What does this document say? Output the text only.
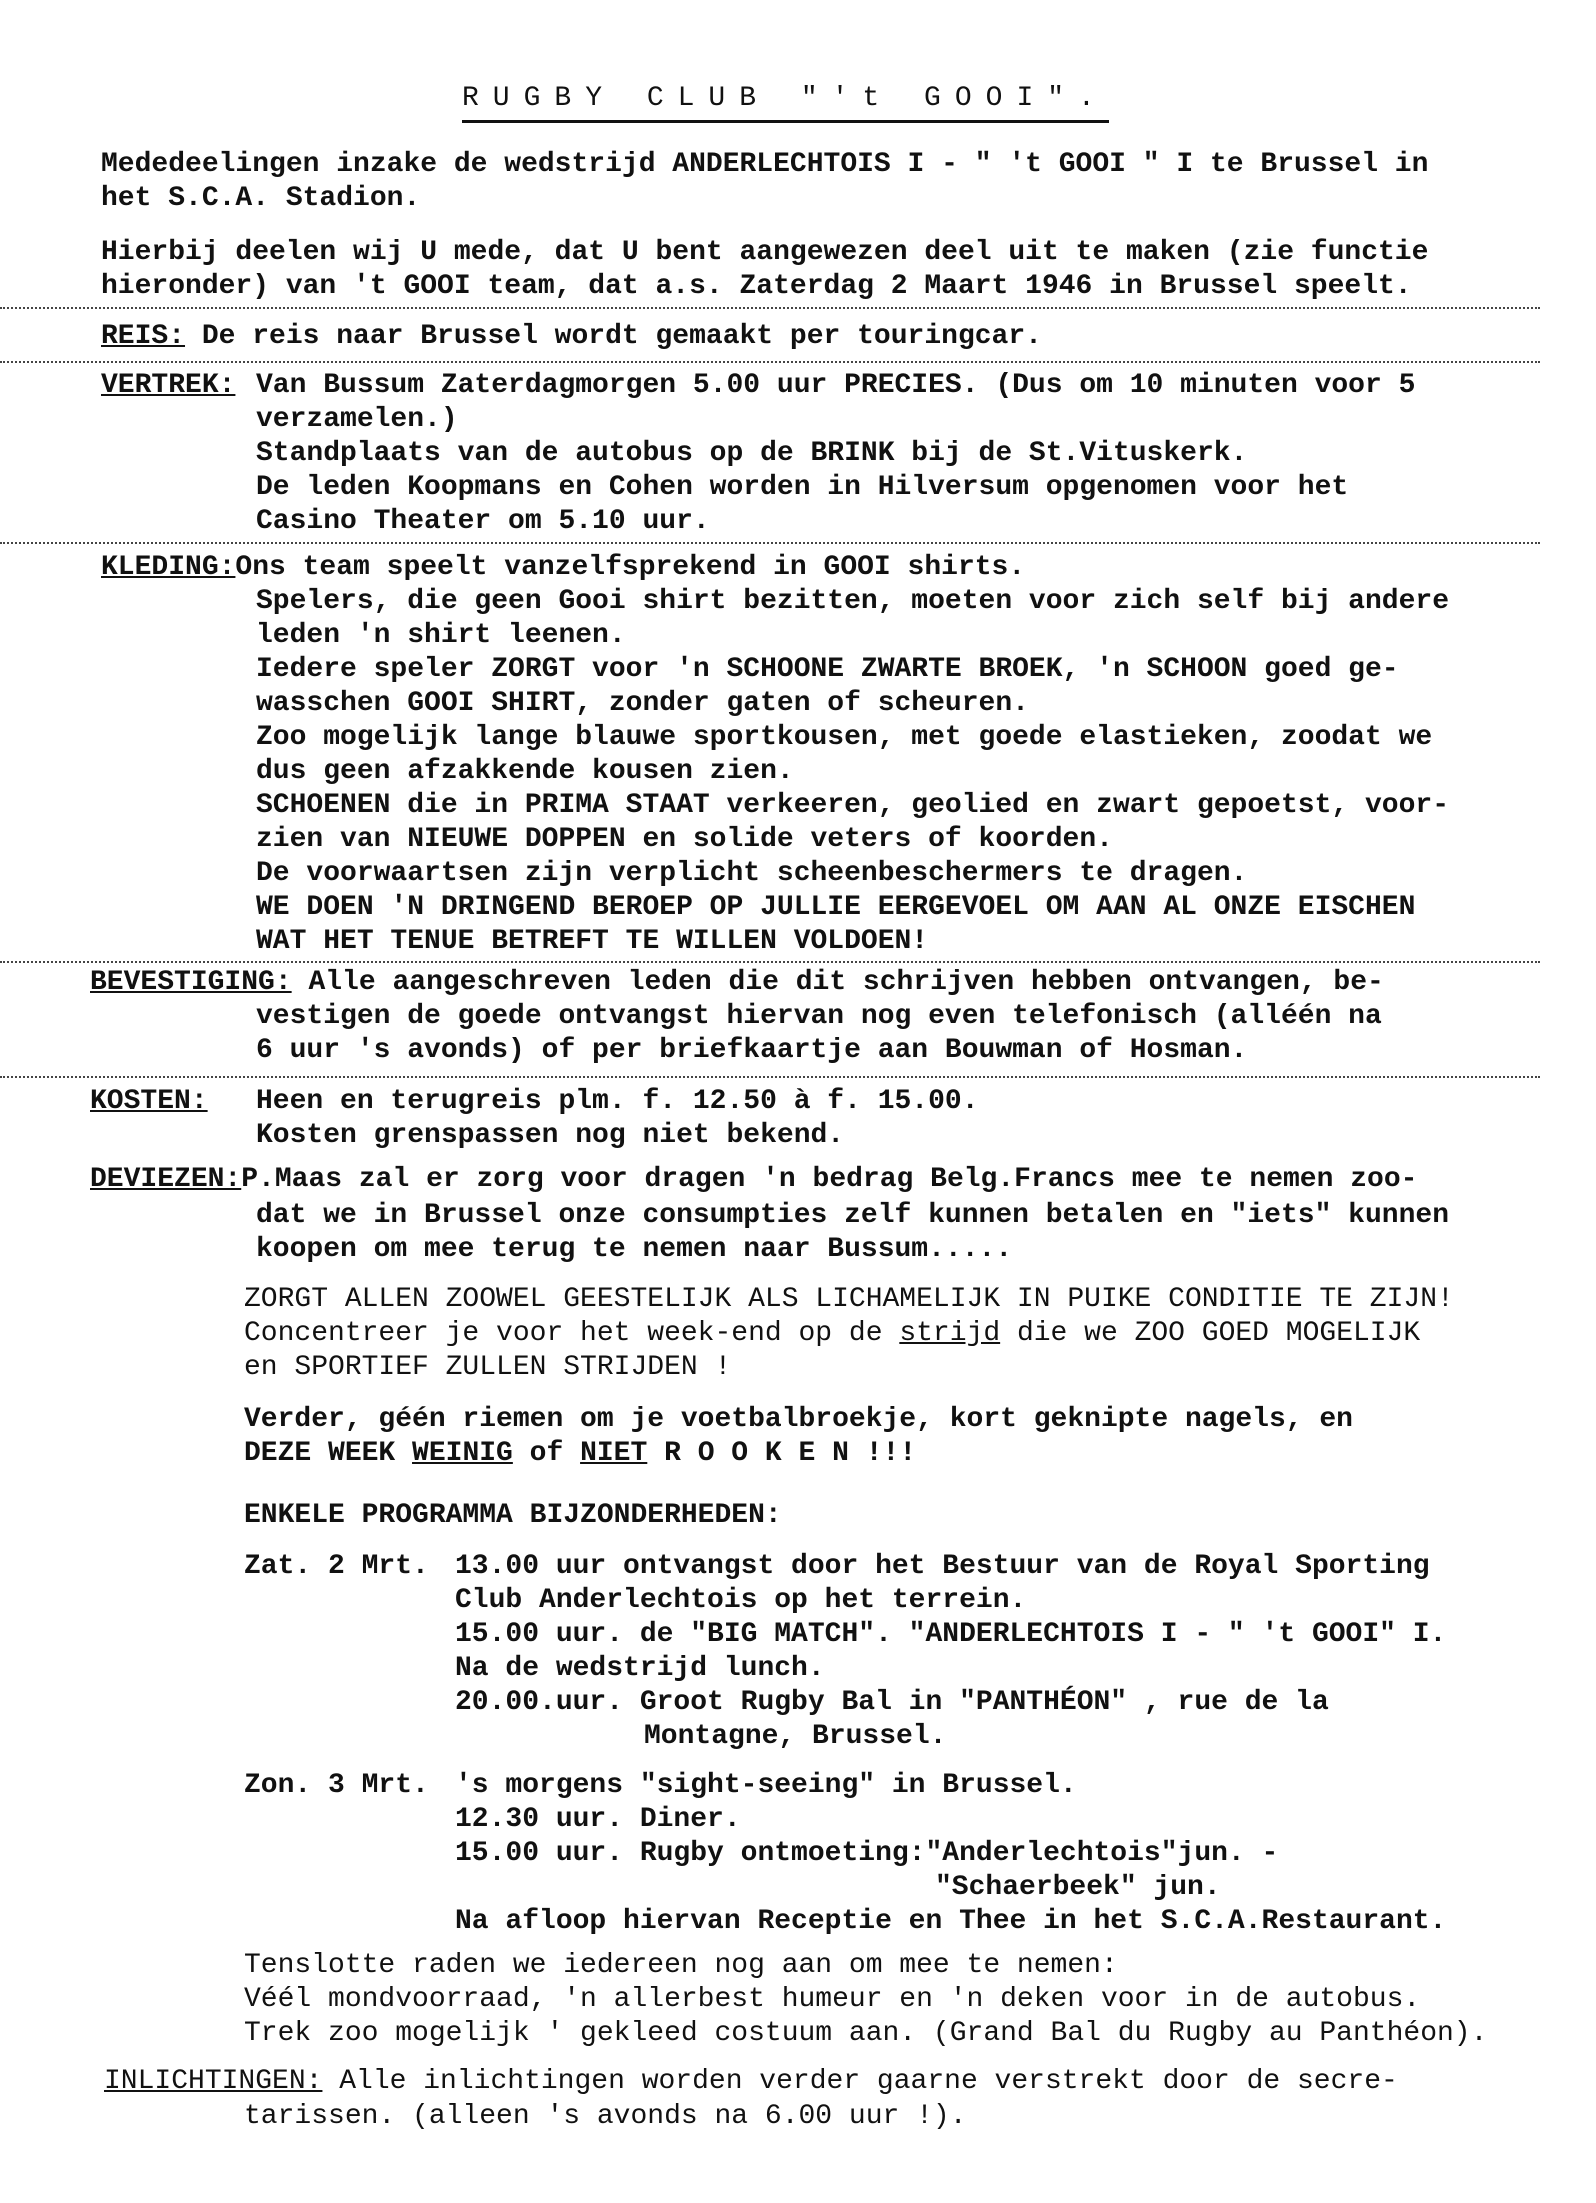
RUGBY CLUB "'t GOOI".
Mededeelingen inzake de wedstrijd ANDERLECHTOIS I - " 't GOOI " I te Brussel in
het S.C.A. Stadion.
Hierbij deelen wij U mede, dat U bent aangewezen deel uit te maken (zie functie
hieronder) van 't GOOI team, dat a.s. Zaterdag 2 Maart 1946 in Brussel speelt.
REIS: De reis naar Brussel wordt gemaakt per touringcar.
VERTREK: Van Bussum Zaterdagmorgen 5.00 uur PRECIES. (Dus om 10 minuten voor 5
verzamelen.)
Standplaats van de autobus op de BRINK bij de St.Vituskerk.
De leden Koopmans en Cohen worden in Hilversum opgenomen voor het
Casino Theater om 5.10 uur.
KLEDING:Ons team speelt vanzelfsprekend in GOOI shirts.
Spelers, die geen Gooi shirt bezitten, moeten voor zich self bij andere
leden 'n shirt leenen.
Iedere speler ZORGT voor 'n SCHOONE ZWARTE BROEK, 'n SCHOON goed ge-
wasschen GOOI SHIRT, zonder gaten of scheuren.
Zoo mogelijk lange blauwe sportkousen, met goede elastieken, zoodat we
dus geen afzakkende kousen zien.
SCHOENEN die in PRIMA STAAT verkeeren, geolied en zwart gepoetst, voor-
zien van NIEUWE DOPPEN en solide veters of koorden.
De voorwaartsen zijn verplicht scheenbeschermers te dragen.
WE DOEN 'N DRINGEND BEROEP OP JULLIE EERGEVOEL OM AAN AL ONZE EISCHEN
WAT HET TENUE BETREFT TE WILLEN VOLDOEN!
BEVESTIGING: Alle aangeschreven leden die dit schrijven hebben ontvangen, be-
vestigen de goede ontvangst hiervan nog even telefonisch (alléén na
6 uur 's avonds) of per briefkaartje aan Bouwman of Hosman.
KOSTEN: Heen en terugreis plm. f. 12.50 à f. 15.00.
Kosten grenspassen nog niet bekend.
DEVIEZEN:P.Maas zal er zorg voor dragen 'n bedrag Belg.Francs mee te nemen zoo-
dat we in Brussel onze consumpties zelf kunnen betalen en "iets" kunnen
koopen om mee terug te nemen naar Bussum.....
ZORGT ALLEN ZOOWEL GEESTELIJK ALS LICHAMELIJK IN PUIKE CONDITIE TE ZIJN!
Concentreer je voor het week-end op de strijd die we ZOO GOED MOGELIJK
en SPORTIEF ZULLEN STRIJDEN !
Verder, géén riemen om je voetbalbroekje, kort geknipte nagels, en
DEZE WEEK WEINIG of NIET R O O K E N !!!
ENKELE PROGRAMMA BIJZONDERHEDEN:
Zat. 2 Mrt. 13.00 uur ontvangst door het Bestuur van de Royal Sporting
Club Anderlechtois op het terrein.
15.00 uur. de "BIG MATCH". "ANDERLECHTOIS I - " 't GOOI" I.
Na de wedstrijd lunch.
20.00.uur. Groot Rugby Bal in "PANTHÉON" , rue de la
Montagne, Brussel.
Zon. 3 Mrt. 's morgens "sight-seeing" in Brussel.
12.30 uur. Diner.
15.00 uur. Rugby ontmoeting:"Anderlechtois"jun. -
"Schaerbeek" jun.
Na afloop hiervan Receptie en Thee in het S.C.A.Restaurant.
Tenslotte raden we iedereen nog aan om mee te nemen:
Véél mondvoorraad, 'n allerbest humeur en 'n deken voor in de autobus.
Trek zoo mogelijk ' gekleed costuum aan. (Grand Bal du Rugby au Panthéon).
INLICHTINGEN: Alle inlichtingen worden verder gaarne verstrekt door de secre-
tarissen. (alleen 's avonds na 6.00 uur !).
